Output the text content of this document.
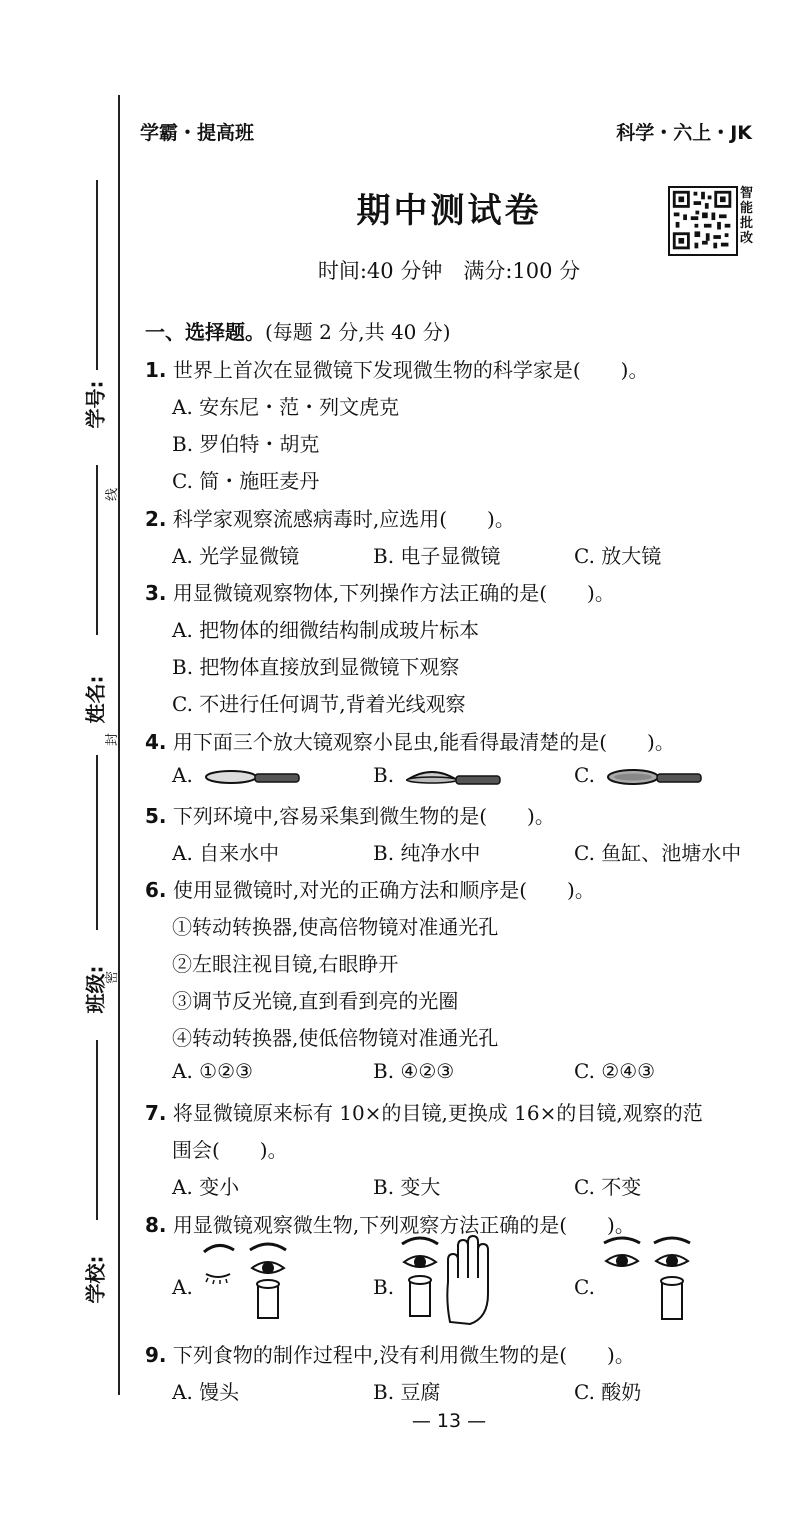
学号:
线
姓名:
封
密
班级:
学校:
学霸・提高班	科学・六上・JK
期中测试卷
时间:40 分钟　满分:100 分
智能批改
一、选择题。(每题 2 分,共 40 分)
1. 世界上首次在显微镜下发现微生物的科学家是(　　)。
A. 安东尼・范・列文虎克
B. 罗伯特・胡克
C. 简・施旺麦丹
2. 科学家观察流感病毒时,应选用(　　)。
A. 光学显微镜	B. 电子显微镜	C. 放大镜
3. 用显微镜观察物体,下列操作方法正确的是(　　)。
A. 把物体的细微结构制成玻片标本
B. 把物体直接放到显微镜下观察
C. 不进行任何调节,背着光线观察
4. 用下面三个放大镜观察小昆虫,能看得最清楚的是(　　)。
A.	B.	C.
5. 下列环境中,容易采集到微生物的是(　　)。
A. 自来水中	B. 纯净水中	C. 鱼缸、池塘水中
6. 使用显微镜时,对光的正确方法和顺序是(　　)。
①转动转换器,使高倍物镜对准通光孔
②左眼注视目镜,右眼睁开
③调节反光镜,直到看到亮的光圈
④转动转换器,使低倍物镜对准通光孔
A. ①②③	B. ④②③	C. ②④③
7. 将显微镜原来标有 10×的目镜,更换成 16×的目镜,观察的范
围会(　　)。
A. 变小	B. 变大	C. 不变
8. 用显微镜观察微生物,下列观察方法正确的是(　　)。
A.	B.	C.
9. 下列食物的制作过程中,没有利用微生物的是(　　)。
A. 馒头	B. 豆腐	C. 酸奶
— 13 —
